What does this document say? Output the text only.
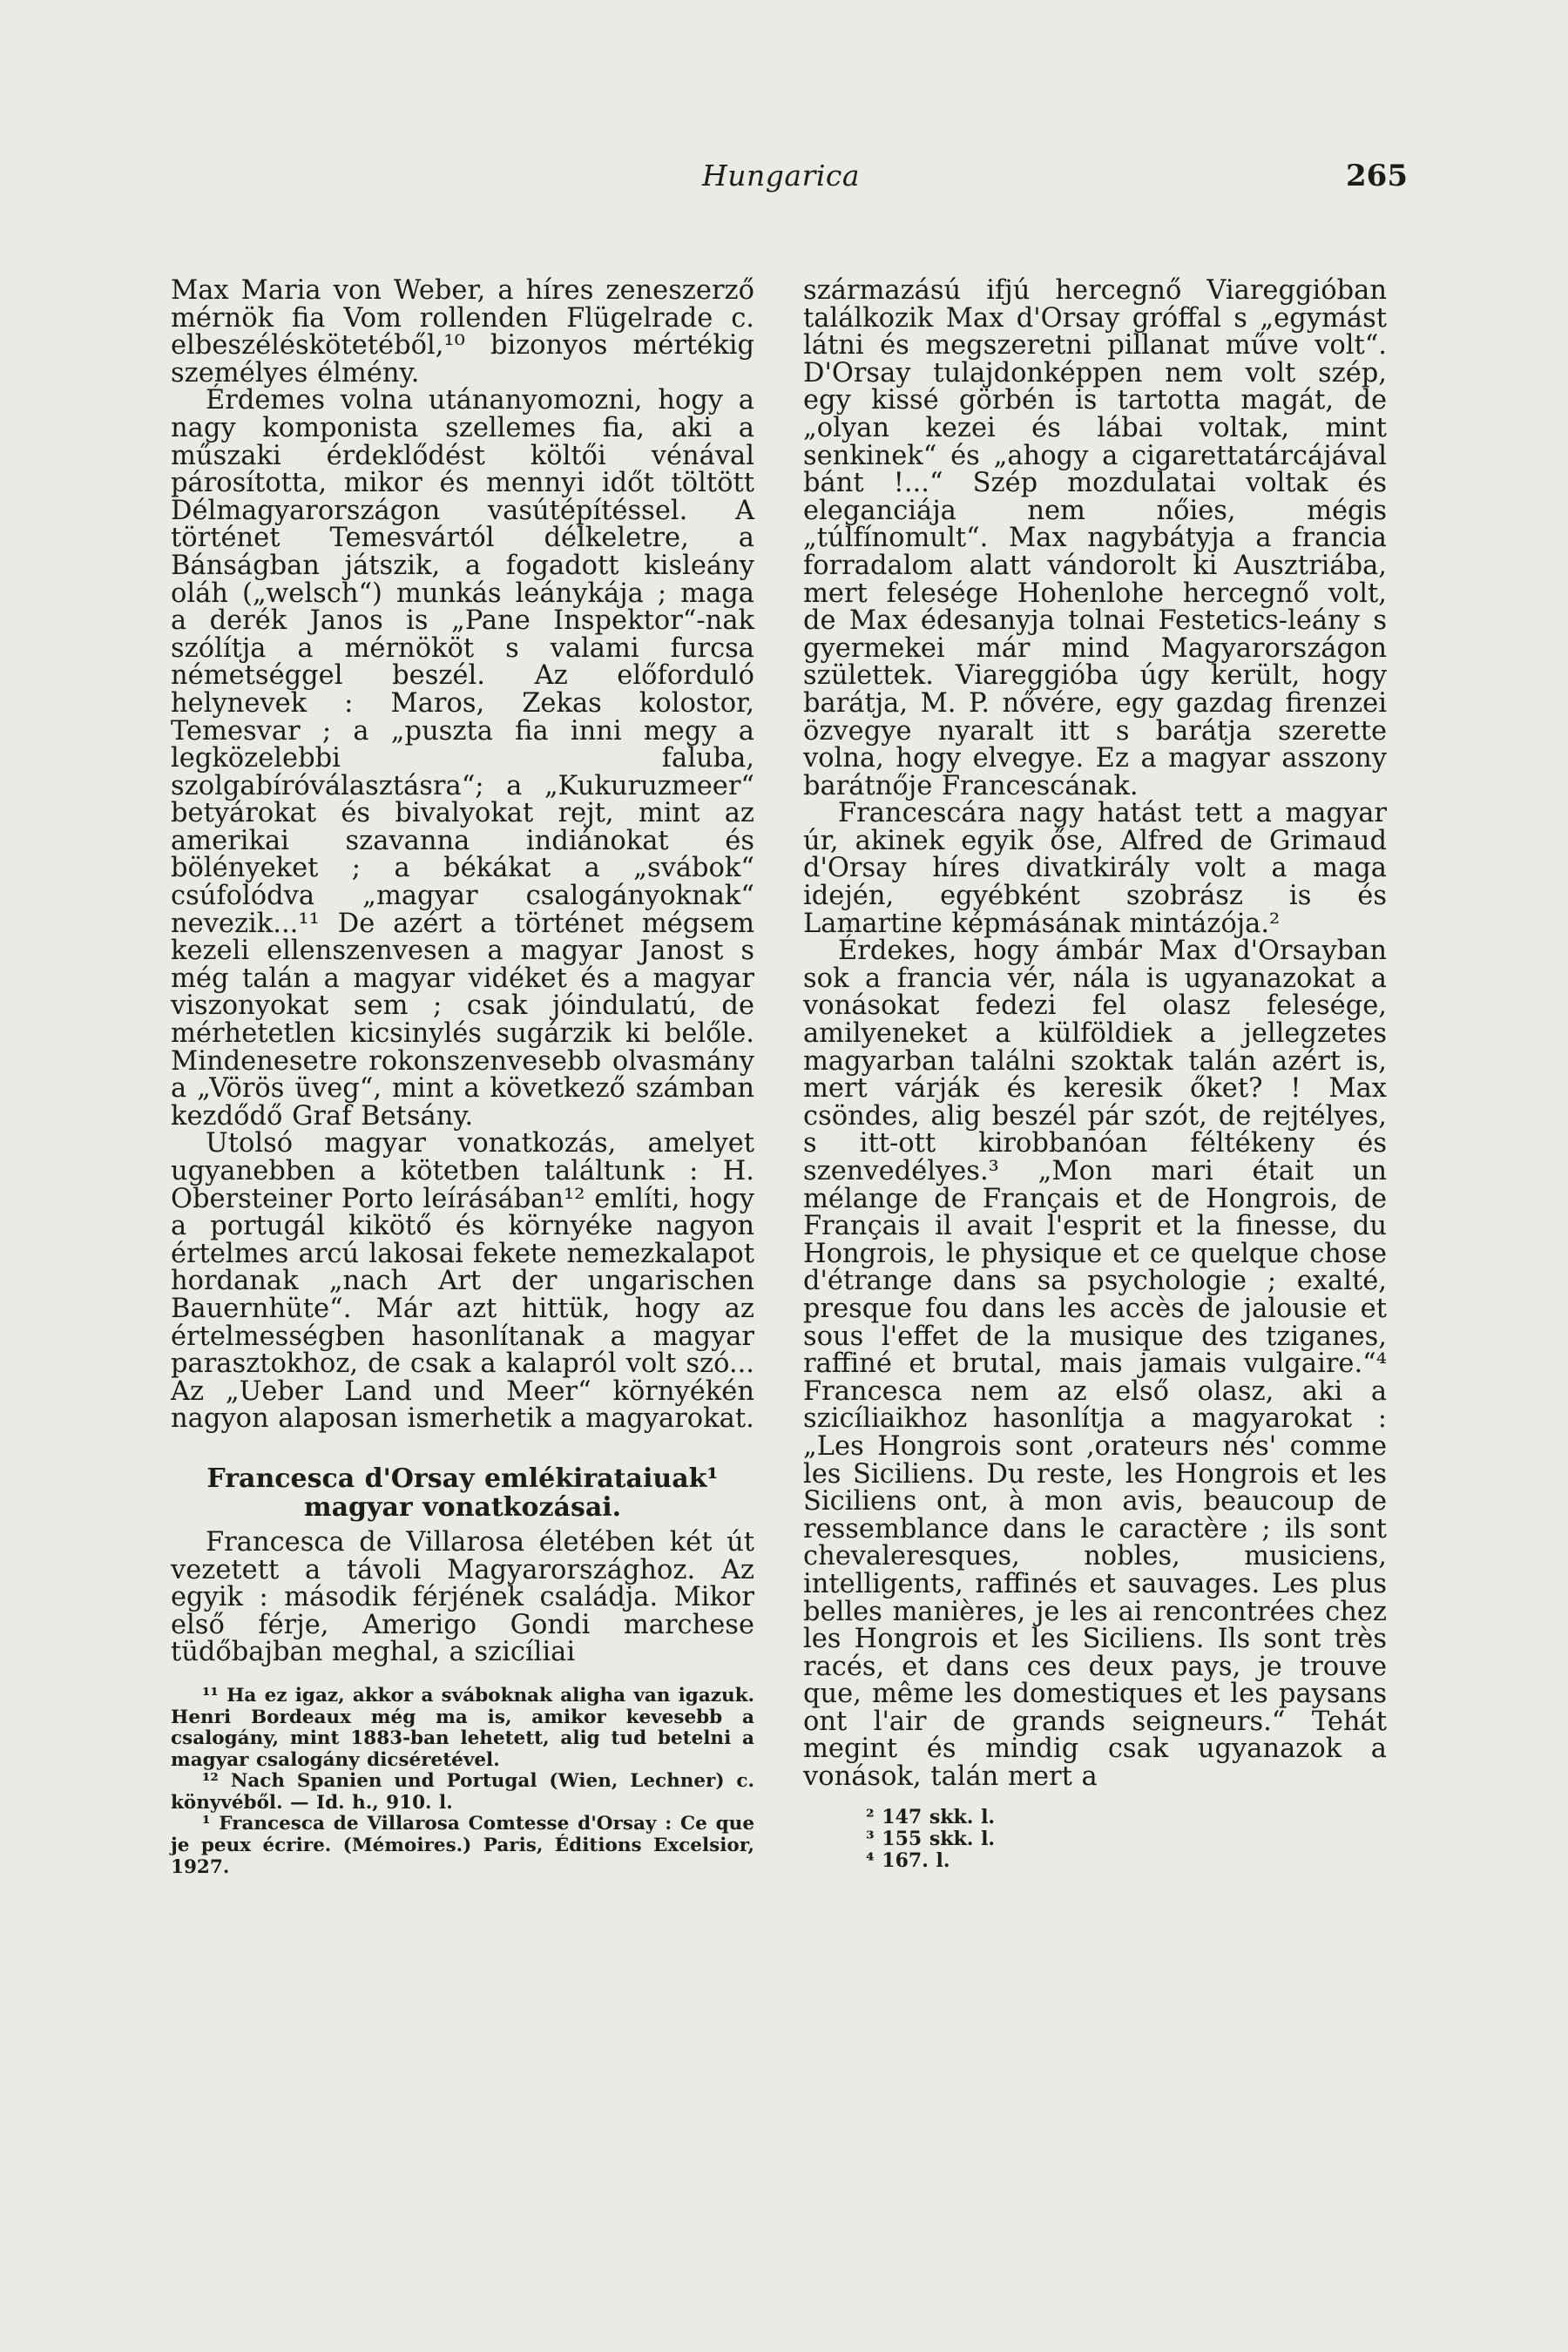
Hungarica	265

Max Maria von Weber, a híres zeneszerző mérnök fia Vom rollenden Flügelrade c. elbeszéléskötetéből,¹⁰ bizonyos mértékig személyes élmény.

Érdemes volna utánanyomozni, hogy a nagy komponista szellemes fia, aki a műszaki érdeklődést költői vénával párosította, mikor és mennyi időt töltött Délmagyarországon vasútépítéssel. A történet Temesvártól délkeletre, a Bánságban játszik, a fogadott kisleány oláh („welsch“) munkás leánykája ; maga a derék Janos is „Pane Inspektor“-nak szólítja a mérnököt s valami furcsa németséggel beszél. Az előforduló helynevek : Maros, Zekas kolostor, Temesvar ; a „puszta fia inni megy a legközelebbi faluba, szolgabíróválasztásra“; a „Kukuruzmeer“ betyárokat és bivalyokat rejt, mint az amerikai szavanna indiánokat és bölényeket ; a békákat a „svábok“ csúfolódva „magyar csalogányoknak“ nevezik...¹¹ De azért a történet mégsem kezeli ellenszenvesen a magyar Janost s még talán a magyar vidéket és a magyar viszonyokat sem ; csak jóindulatú, de mérhetetlen kicsinylés sugárzik ki belőle. Mindenesetre rokonszenvesebb olvasmány a „Vörös üveg“, mint a következő számban kezdődő Graf Betsány.

Utolsó magyar vonatkozás, amelyet ugyanebben a kötetben találtunk : H. Obersteiner Porto leírásában¹² említi, hogy a portugál kikötő és környéke nagyon értelmes arcú lakosai fekete nemezkalapot hordanak „nach Art der ungarischen Bauernhüte“. Már azt hittük, hogy az értelmességben hasonlítanak a magyar parasztokhoz, de csak a kalapról volt szó... Az „Ueber Land und Meer“ környékén nagyon alaposan ismerhetik a magyarokat.

Francesca d'Orsay emlékirataiuak¹
magyar vonatkozásai.

Francesca de Villarosa életében két út vezetett a távoli Magyarországhoz. Az egyik : második férjének családja. Mikor első férje, Amerigo Gondi marchese tüdőbajban meghal, a szicíliai

¹¹ Ha ez igaz, akkor a sváboknak aligha van igazuk. Henri Bordeaux még ma is, amikor kevesebb a csalogány, mint 1883-ban lehetett, alig tud betelni a magyar csalogány dicséretével.

¹² Nach Spanien und Portugal (Wien, Lechner) c. könyvéből. — Id. h., 910. l.

¹ Francesca de Villarosa Comtesse d'Orsay : Ce que je peux écrire. (Mémoires.) Paris, Éditions Excelsior, 1927.

származású ifjú hercegnő Viareggióban találkozik Max d'Orsay gróffal s „egymást látni és megszeretni pillanat műve volt“. D'Orsay tulajdonképpen nem volt szép, egy kissé görbén is tartotta magát, de „olyan kezei és lábai voltak, mint senkinek“ és „ahogy a cigarettatárcájával bánt !...“ Szép mozdulatai voltak és eleganciája nem nőies, mégis „túlfínomult“. Max nagybátyja a francia forradalom alatt vándorolt ki Ausztriába, mert felesége Hohenlohe hercegnő volt, de Max édesanyja tolnai Festetics-leány s gyermekei már mind Magyarországon születtek. Viareggióba úgy került, hogy barátja, M. P. nővére, egy gazdag firenzei özvegye nyaralt itt s barátja szerette volna, hogy elvegye. Ez a magyar asszony barátnője Francescának.

Francescára nagy hatást tett a magyar úr, akinek egyik őse, Alfred de Grimaud d'Orsay híres divatkirály volt a maga idején, egyébként szobrász is és Lamartine képmásának mintázója.²

Érdekes, hogy ámbár Max d'Orsayban sok a francia vér, nála is ugyanazokat a vonásokat fedezi fel olasz felesége, amilyeneket a külföldiek a jellegzetes magyarban találni szoktak talán azért is, mert várják és keresik őket? ! Max csöndes, alig beszél pár szót, de rejtélyes, s itt-ott kirobbanóan féltékeny és szenvedélyes.³ „Mon mari était un mélange de Français et de Hongrois, de Français il avait l'esprit et la finesse, du Hongrois, le physique et ce quelque chose d'étrange dans sa psychologie ; exalté, presque fou dans les accès de jalousie et sous l'effet de la musique des tziganes, raffiné et brutal, mais jamais vulgaire.“⁴ Francesca nem az első olasz, aki a szicíliaikhoz hasonlítja a magyarokat : „Les Hongrois sont ‚orateurs nés' comme les Siciliens. Du reste, les Hongrois et les Siciliens ont, à mon avis, beaucoup de ressemblance dans le caractère ; ils sont chevaleresques, nobles, musiciens, intelligents, raffinés et sauvages. Les plus belles manières, je les ai rencontrées chez les Hongrois et les Siciliens. Ils sont très racés, et dans ces deux pays, je trouve que, même les domestiques et les paysans ont l'air de grands seigneurs.“ Tehát megint és mindig csak ugyanazok a vonások, talán mert a

² 147 skk. l.

³ 155 skk. l.

⁴ 167. l.
